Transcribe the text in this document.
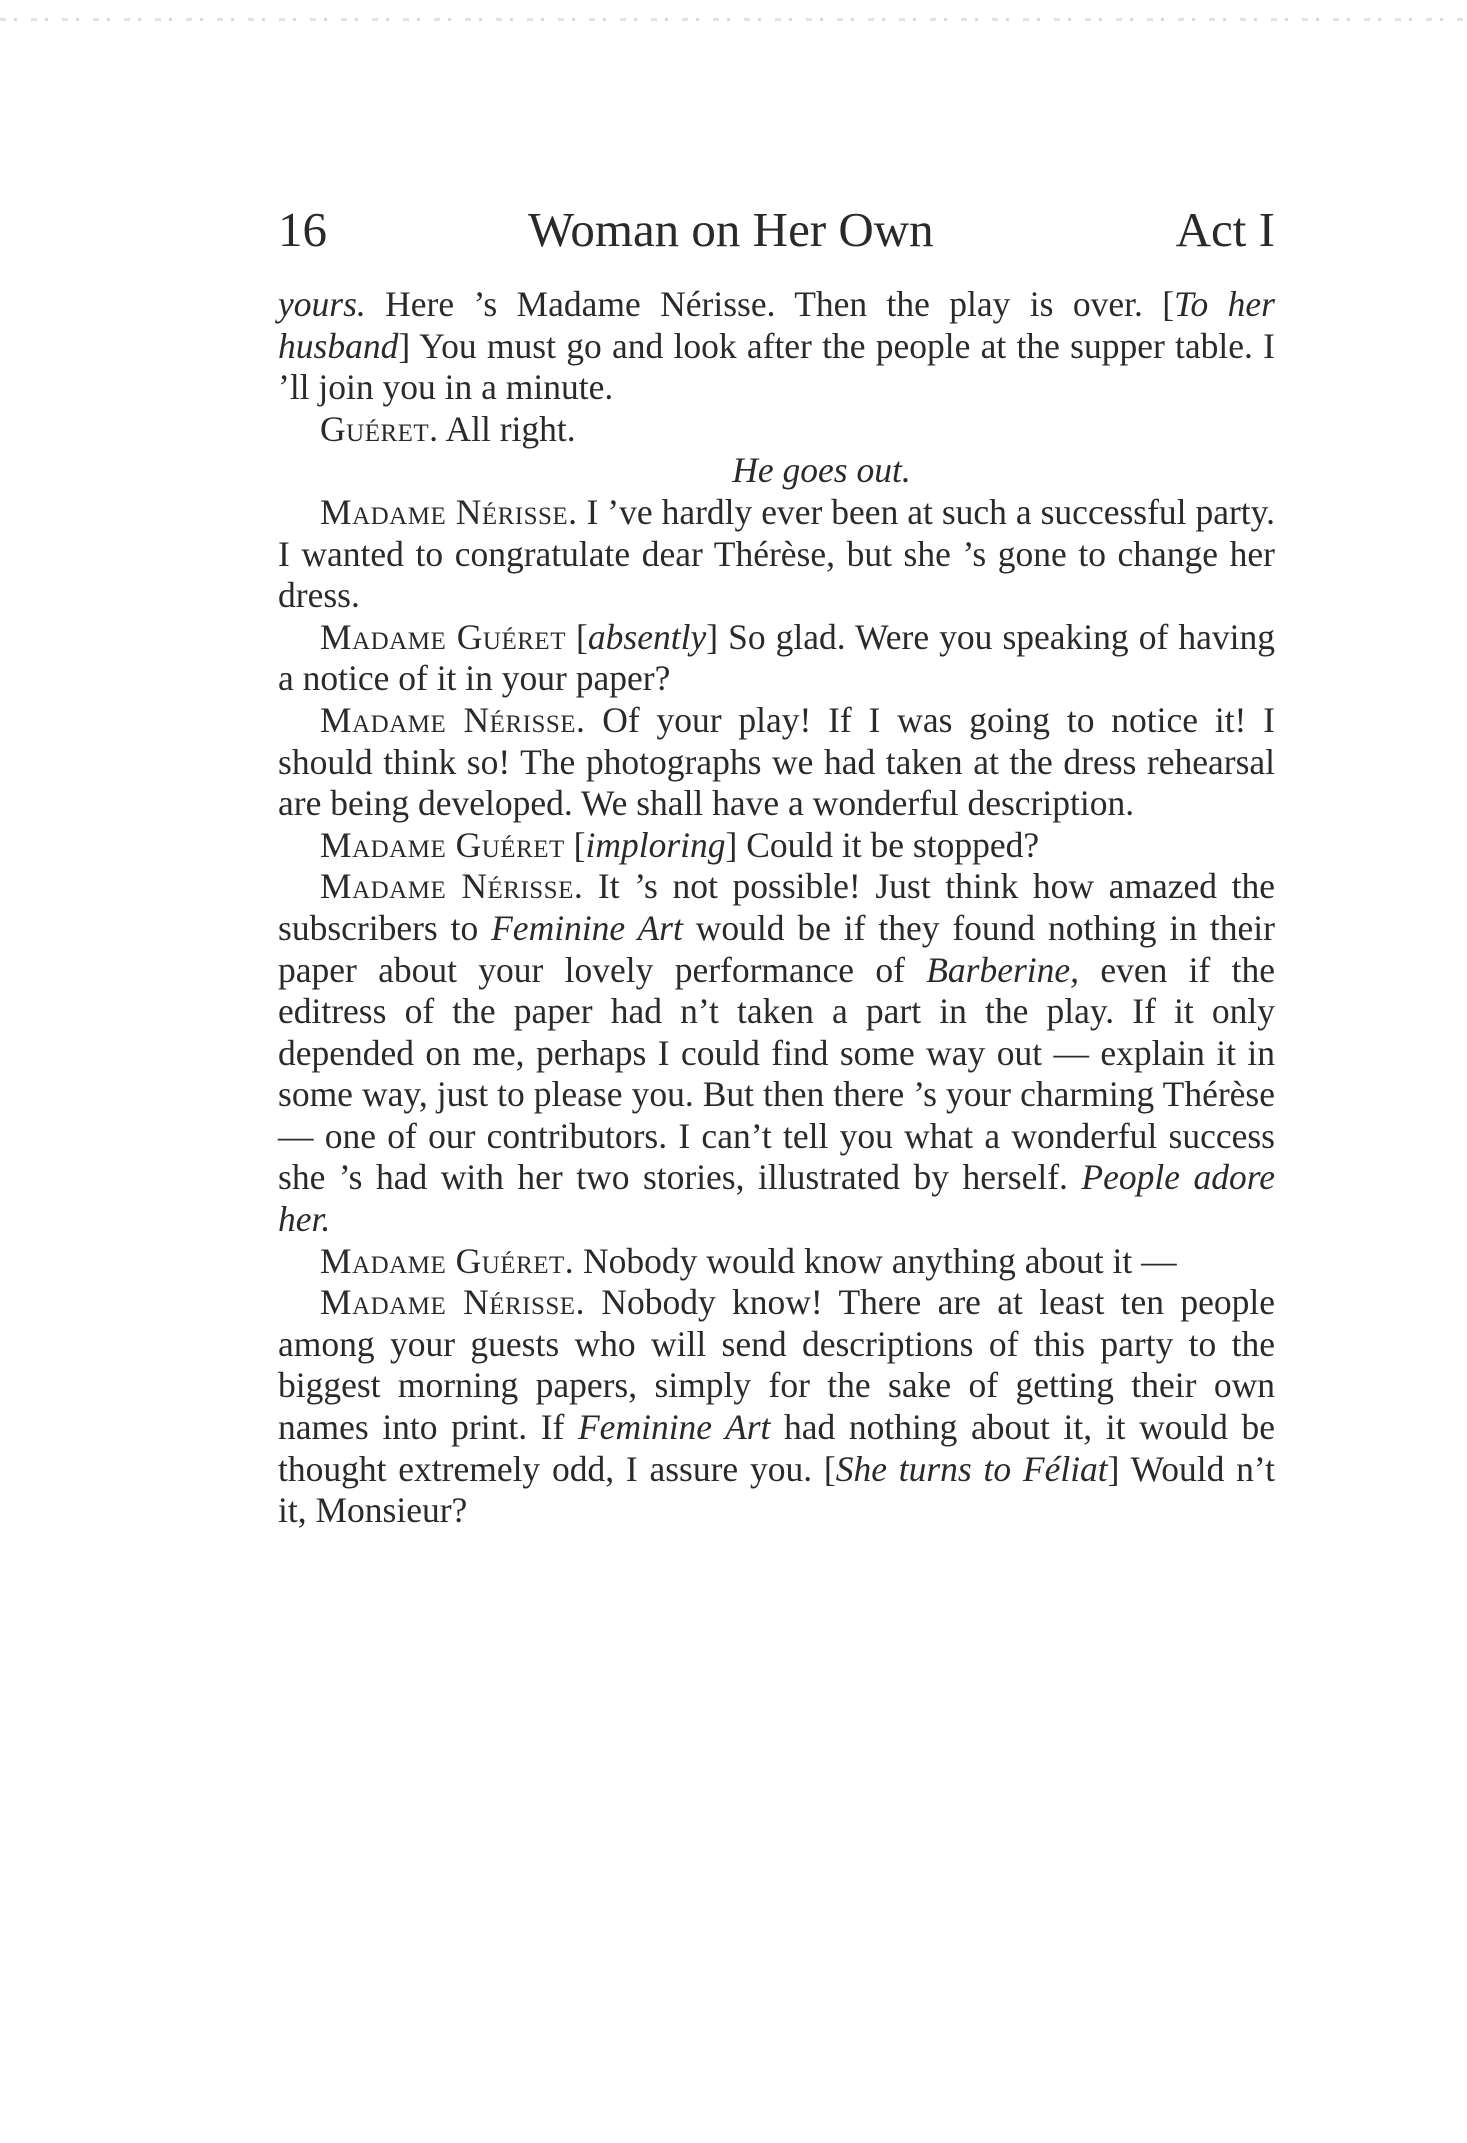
16	Woman on Her Own	Act I

yours. Here ’s Madame Nérisse. Then the play is over. [To her husband] You must go and look after the people at the supper table. I ’ll join you in a minute.

Guéret. All right.

He goes out.

Madame Nérisse. I ’ve hardly ever been at such a successful party. I wanted to congratulate dear Thérèse, but she ’s gone to change her dress.

Madame Guéret [absently] So glad. Were you speaking of having a notice of it in your paper?

Madame Nérisse. Of your play! If I was going to notice it! I should think so! The photographs we had taken at the dress rehearsal are being developed. We shall have a wonderful description.

Madame Guéret [imploring] Could it be stopped?

Madame Nérisse. It ’s not possible! Just think how amazed the subscribers to Feminine Art would be if they found nothing in their paper about your lovely performance of Barberine, even if the editress of the paper had n’t taken a part in the play. If it only depended on me, perhaps I could find some way out — explain it in some way, just to please you. But then there ’s your charming Thérèse — one of our contributors. I can’t tell you what a wonderful success she ’s had with her two stories, illustrated by herself. People adore her.

Madame Guéret. Nobody would know anything about it —

Madame Nérisse. Nobody know! There are at least ten people among your guests who will send descriptions of this party to the biggest morning papers, simply for the sake of getting their own names into print. If Feminine Art had nothing about it, it would be thought extremely odd, I assure you. [She turns to Féliat] Would n’t it, Monsieur?
